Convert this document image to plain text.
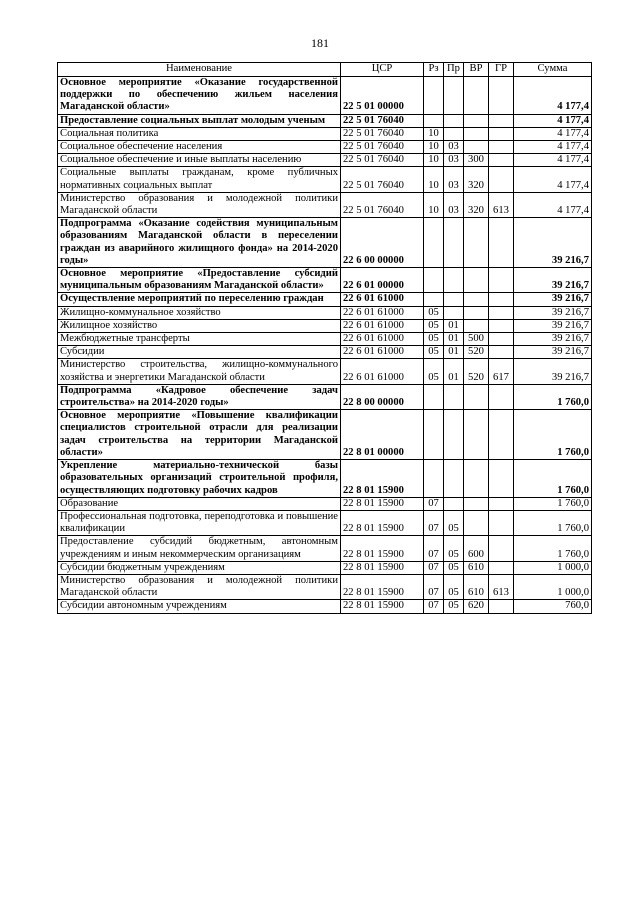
181
Наименование	ЦСР	Рз	Пр	ВР	ГР	Сумма
Основное мероприятие «Оказание государственной поддержки по обеспечению жильем населения Магаданской области»	22 5 01 00000					4 177,4
Предоставление социальных выплат молодым ученым	22 5 01 76040					4 177,4
Социальная политика	22 5 01 76040	10				4 177,4
Социальное обеспечение населения	22 5 01 76040	10	03			4 177,4
Социальное обеспечение и иные выплаты населению	22 5 01 76040	10	03	300		4 177,4
Социальные выплаты гражданам, кроме публичных нормативных социальных выплат	22 5 01 76040	10	03	320		4 177,4
Министерство образования и молодежной политики Магаданской области	22 5 01 76040	10	03	320	613	4 177,4
Подпрограмма «Оказание содействия муниципальным образованиям Магаданской области в переселении граждан из аварийного жилищного фонда» на 2014-2020 годы»	22 6 00 00000					39 216,7
Основное мероприятие «Предоставление субсидий муниципальным образованиям Магаданской области»	22 6 01 00000					39 216,7
Осуществление мероприятий по переселению граждан	22 6 01 61000					39 216,7
Жилищно-коммунальное хозяйство	22 6 01 61000	05				39 216,7
Жилищное хозяйство	22 6 01 61000	05	01			39 216,7
Межбюджетные трансферты	22 6 01 61000	05	01	500		39 216,7
Субсидии	22 6 01 61000	05	01	520		39 216,7
Министерство строительства, жилищно-коммунального хозяйства и энергетики Магаданской области	22 6 01 61000	05	01	520	617	39 216,7
Подпрограмма «Кадровое обеспечение задач строительства» на 2014-2020 годы»	22 8 00 00000					1 760,0
Основное мероприятие «Повышение квалификации специалистов строительной отрасли для реализации задач строительства на территории Магаданской области»	22 8 01 00000					1 760,0
Укрепление материально-технической базы образовательных организаций строительной профиля, осуществляющих подготовку рабочих кадров	22 8 01 15900					1 760,0
Образование	22 8 01 15900	07				1 760,0
Профессиональная подготовка, переподготовка и повышение квалификации	22 8 01 15900	07	05			1 760,0
Предоставление субсидий бюджетным, автономным учреждениям и иным некоммерческим организациям	22 8 01 15900	07	05	600		1 760,0
Субсидии бюджетным учреждениям	22 8 01 15900	07	05	610		1 000,0
Министерство образования и молодежной политики Магаданской области	22 8 01 15900	07	05	610	613	1 000,0
Субсидии автономным учреждениям	22 8 01 15900	07	05	620		760,0
